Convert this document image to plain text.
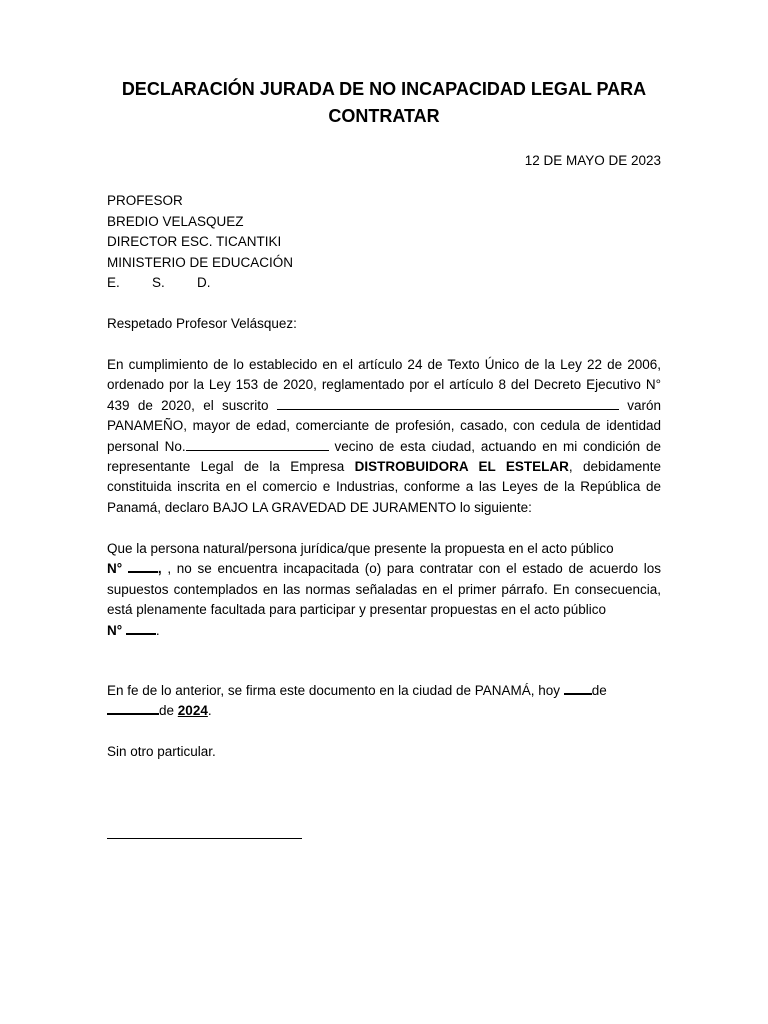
DECLARACIÓN JURADA DE NO INCAPACIDAD LEGAL PARA
CONTRATAR
12 DE MAYO DE 2023
PROFESOR
BREDIO VELASQUEZ
DIRECTOR ESC. TICANTIKI
MINISTERIO DE EDUCACIÓN
E. S. D.
Respetado Profesor Velásquez:
En cumplimiento de lo establecido en el artículo 24 de Texto Único de la Ley 22 de 2006, ordenado por la Ley 153 de 2020, reglamentado por el artículo 8 del Decreto Ejecutivo N° 439 de 2020, el suscrito	varón PANAMEÑO, mayor de edad, comerciante de profesión, casado, con cedula de identidad personal No.	vecino de esta ciudad, actuando en mi condición de representante Legal de la Empresa DISTROBUIDORA EL ESTELAR, debidamente constituida inscrita en el comercio e Industrias, conforme a las Leyes de la República de Panamá, declaro BAJO LA GRAVEDAD DE JURAMENTO lo siguiente:
Que la persona natural/persona jurídica/que presente la propuesta en el acto público
N°	, , no se encuentra incapacitada (o) para contratar con el estado de acuerdo los supuestos contemplados en las normas señaladas en el primer párrafo. En consecuencia, está plenamente facultada para participar y presentar propuestas en el acto público
N°	.
En fe de lo anterior, se firma este documento en la ciudad de PANAMÁ, hoy de
de 2024.
Sin otro particular.
